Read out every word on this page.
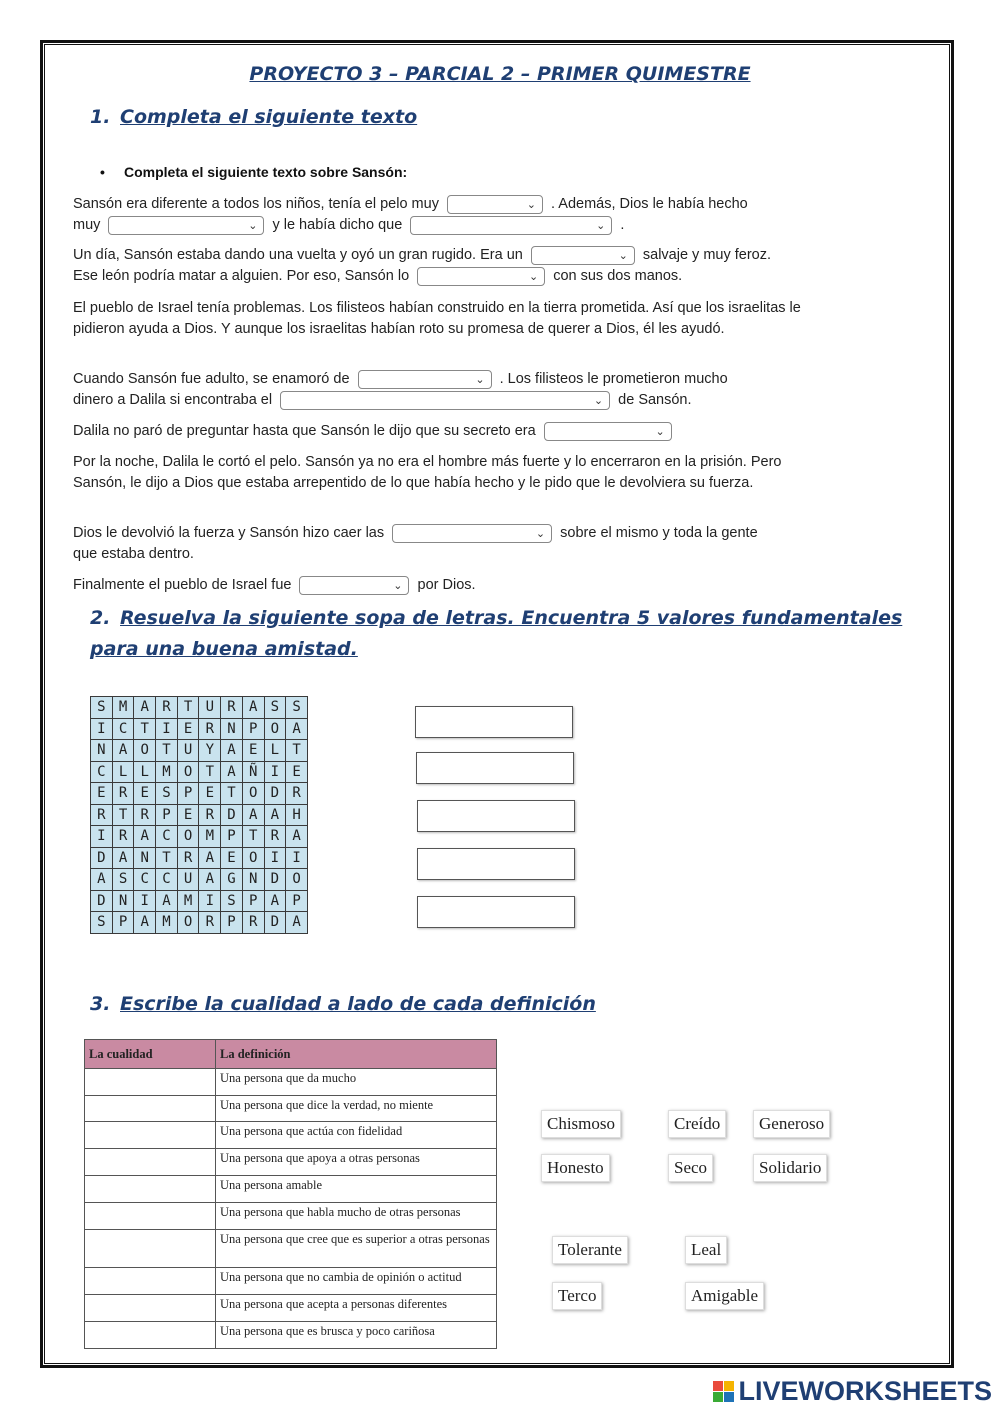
PROYECTO 3 – PARCIAL 2 – PRIMER QUIMESTRE
1. Completa el siguiente texto
• Completa el siguiente texto sobre Sansón:
Sansón era diferente a todos los niños, tenía el pelo muy	⌄ . Además, Dios le había hecho
muy	⌄ y le había dicho que	⌄ .
Un día, Sansón estaba dando una vuelta y oyó un gran rugido. Era un	⌄ salvaje y muy feroz.
Ese león podría matar a alguien. Por eso, Sansón lo	⌄ con sus dos manos.
El pueblo de Israel tenía problemas. Los filisteos habían construido en la tierra prometida. Así que los israelitas le pidieron ayuda a Dios. Y aunque los israelitas habían roto su promesa de querer a Dios, él les ayudó.
Cuando Sansón fue adulto, se enamoró de	⌄ . Los filisteos le prometieron mucho
dinero a Dalila si encontraba el	⌄ de Sansón.
Dalila no paró de preguntar hasta que Sansón le dijo que su secreto era	⌄
Por la noche, Dalila le cortó el pelo. Sansón ya no era el hombre más fuerte y lo encerraron en la prisión. Pero Sansón, le dijo a Dios que estaba arrepentido de lo que había hecho y le pido que le devolviera su fuerza.
Dios le devolvió la fuerza y Sansón hizo caer las	⌄ sobre el mismo y toda la gente
que estaba dentro.
Finalmente el pueblo de Israel fue	⌄ por Dios.
2. Resuelva la siguiente sopa de letras. Encuentra 5 valores fundamentales para una buena amistad.
S	M	A	R	T	U	R	A	S	S
I	C	T	I	E	R	N	P	O	A
N	A	O	T	U	Y	A	E	L	T
C	L	L	M	O	T	A	Ñ	I	E
E	R	E	S	P	E	T	O	D	R
R	T	R	P	E	R	D	A	A	H
I	R	A	C	O	M	P	T	R	A
D	A	N	T	R	A	E	O	I	I
A	S	C	C	U	A	G	N	D	O
D	N	I	A	M	I	S	P	A	P
S	P	A	M	O	R	P	R	D	A
3. Escribe la cualidad a lado de cada definición
La cualidad	La definición
	Una persona que da mucho
	Una persona que dice la verdad, no miente
	Una persona que actúa con fidelidad
	Una persona que apoya a otras personas
	Una persona amable
	Una persona que habla mucho de otras personas
	Una persona que cree que es superior a otras personas
	Una persona que no cambia de opinión o actitud
	Una persona que acepta a personas diferentes
	Una persona que es brusca y poco cariñosa
Chismoso	Creído	Generoso
Honesto	Seco	Solidario
Tolerante	Leal
Terco	Amigable
LIVEWORKSHEETS
